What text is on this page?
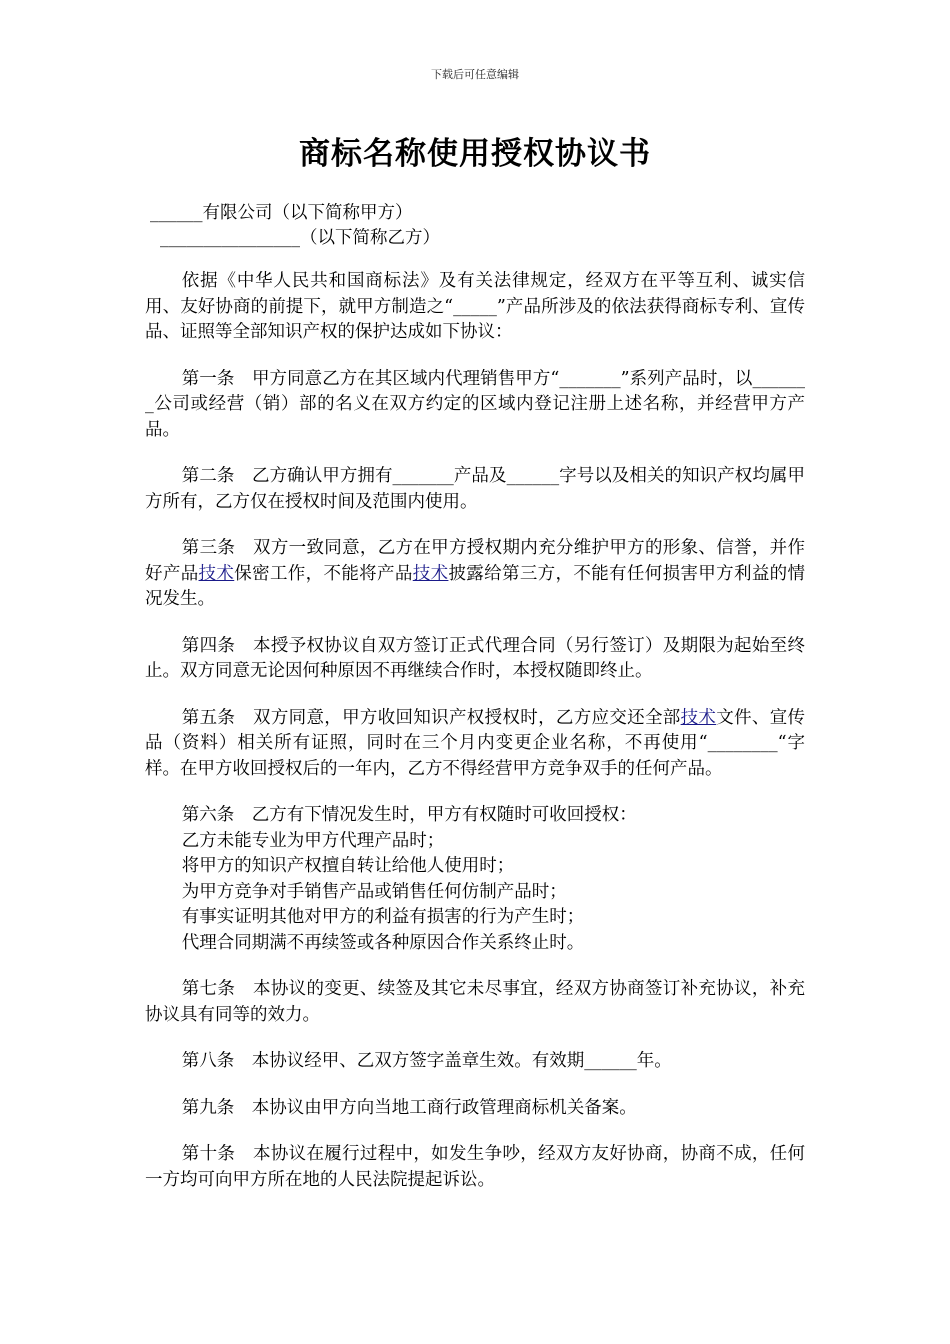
下载后可任意编辑
商标名称使用授权协议书
______有限公司（以下简称甲方）
________________（以下简称乙方）

依据《中华人民共和国商标法》及有关法律规定，经双方在平等互利、诚实信用、友好协商的前提下，就甲方制造之“_____”产品所涉及的依法获得商标专利、宣传品、证照等全部知识产权的保护达成如下协议：

第一条　甲方同意乙方在其区域内代理销售甲方“_______”系列产品时，以_______公司或经营（销）部的名义在双方约定的区域内登记注册上述名称，并经营甲方产品。

第二条　乙方确认甲方拥有_______产品及______字号以及相关的知识产权均属甲方所有，乙方仅在授权时间及范围内使用。

第三条　双方一致同意，乙方在甲方授权期内充分维护甲方的形象、信誉，并作好产品技术保密工作，不能将产品技术披露给第三方，不能有任何损害甲方利益的情况发生。

第四条　本授予权协议自双方签订正式代理合同（另行签订）及期限为起始至终止。双方同意无论因何种原因不再继续合作时，本授权随即终止。

第五条　双方同意，甲方收回知识产权授权时，乙方应交还全部技术文件、宣传品（资料）相关所有证照，同时在三个月内变更企业名称，不再使用“________“字样。在甲方收回授权后的一年内，乙方不得经营甲方竞争双手的任何产品。

第六条　乙方有下情况发生时，甲方有权随时可收回授权：

乙方未能专业为甲方代理产品时；

将甲方的知识产权擅自转让给他人使用时；

为甲方竞争对手销售产品或销售任何仿制产品时；

有事实证明其他对甲方的利益有损害的行为产生时；

代理合同期满不再续签或各种原因合作关系终止时。

第七条　本协议的变更、续签及其它未尽事宜，经双方协商签订补充协议，补充协议具有同等的效力。

第八条　本协议经甲、乙双方签字盖章生效。有效期______年。

第九条　本协议由甲方向当地工商行政管理商标机关备案。

第十条　本协议在履行过程中，如发生争吵，经双方友好协商，协商不成，任何一方均可向甲方所在地的人民法院提起诉讼。
